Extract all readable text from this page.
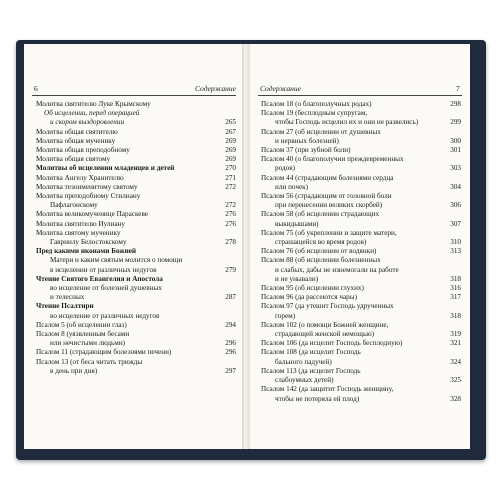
6	Содержание	Содержание	7
Молитва святителю Луке Крымскому
Об исцелении, перед операцией
и скором выздоровлении	265
Молитва общая святителю	267
Молитва общая мученику	269
Молитва общая преподобному	269
Молитва общая святому	269
Молитвы об исцелении младенцев и детей	270
Молитва Ангелу Хранителю	271
Молитва тезоименитому святому	272
Молитва преподобному Стилиану
Пафлагонскому	272
Молитва великомученице Параскеве	276
Молитва святителю Иулиану	276
Молитва святому мученику
Гавриилу Белостокскому	278
Пред какими иконами Божией
Матери и каким святым молится о помощи
в исцелении от различных недугов	279
Чтение Святого Евангелия и Апостола
во исцеление от болезней душевных
и телесных	287
Чтение Псалтири
во исцеление от различных недугов
Псалом 5 (об исцелении глаз)	294
Псалом 8 (уязвленным бесами
или нечистыми людьми)	296
Псалом 11 (страдающим болезнями печени)	296
Псалом 13 (от беса читать трижды
в день при дня)	297
Псалом 18 (о благополучных родах)	298
Псалом 19 (бесплодным супругам,
чтобы Господь исцелил их и они не развелись)	299
Псалом 27 (об исцелении от душевных
и нервных болезней)	300
Псалом 37 (при зубной боли)	301
Псалом 40 (о благополучии преждевременных
родов)	303
Псалом 44 (страдающим болезнями сердца
или почек)	304
Псалом 56 (страдающим от головной боли
при перенесении великих скорбей)	306
Псалом 58 (об исцелении страдающих
выкидышами)	307
Псалом 75 (об укреплении и защите матери,
страшащейся во время родов)	310
Псалом 76 (об исцелении от водянки)	313
Псалом 88 (об исцелении болезненных
и слабых, дабы не изнемогали на работе
и не унывали)	318
Псалом 95 (об исцелении глухих)	316
Псалом 96 (да рассеются чары)	317
Псалом 97 (да утешит Господь удрученных
горем)	318
Псалом 102 (о помощи Божией женщине,
страдающей женской немощью)	319
Псалом 106 (да исцелит Господь бесплодную)	321
Псалом 108 (да исцелит Господь
бального падучей)	324
Псалом 113 (да исцелит Господь
слабоумных детей)	325
Псалом 142 (да защитит Господь женщину,
чтобы не потеряла ей плод)	328
